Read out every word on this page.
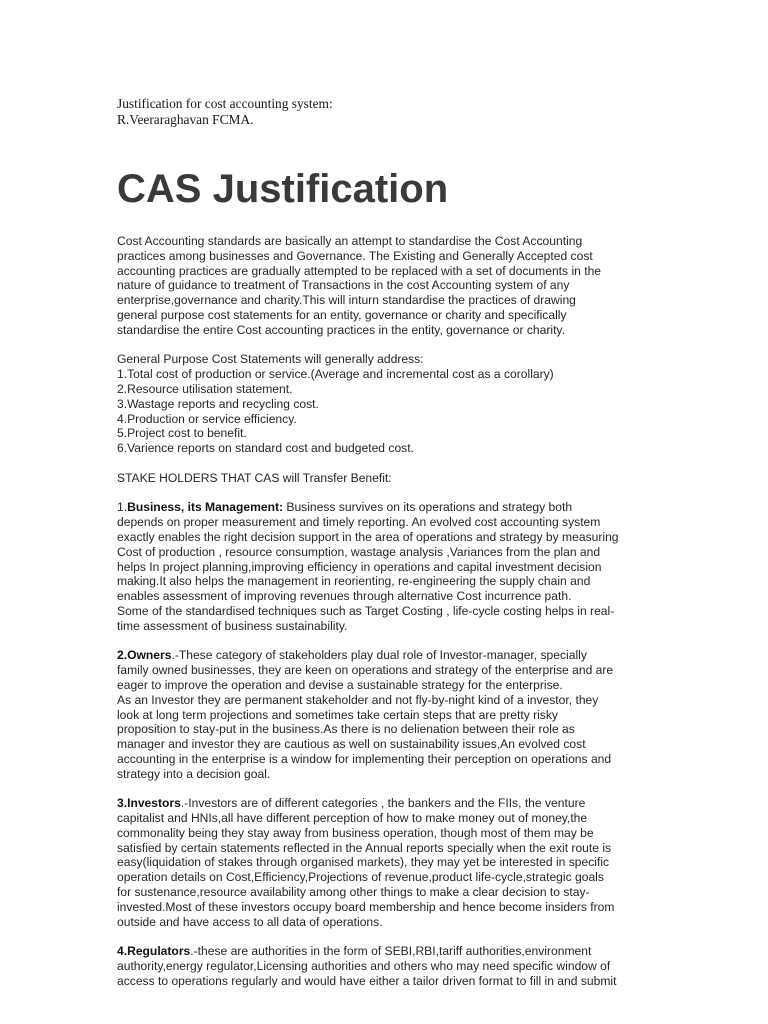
Justification for cost accounting system:

R.Veeraraghavan FCMA.

CAS Justification
Cost Accounting standards are basically an attempt to standardise the Cost Accounting
practices among businesses and Governance. The Existing and Generally Accepted cost
accounting practices are gradually attempted to be replaced with a set of documents in the
nature of guidance to treatment of Transactions in the cost Accounting system of any
enterprise,governance and charity.This will inturn standardise the practices of drawing
general purpose cost statements for an entity, governance or charity and specifically
standardise the entire Cost accounting practices in the entity, governance or charity.
General Purpose Cost Statements will generally address:
1.Total cost of production or service.(Average and incremental cost as a corollary)
2.Resource utilisation statement.
3.Wastage reports and recycling cost.
4.Production or service efficiency.
5.Project cost to benefit.
6.Varience reports on standard cost and budgeted cost.
STAKE HOLDERS THAT CAS will Transfer Benefit:
1.Business, its Management: Business survives on its operations and strategy both
depends on proper measurement and timely reporting. An evolved cost accounting system
exactly enables the right decision support in the area of operations and strategy by measuring
Cost of production , resource consumption, wastage analysis ,Variances from the plan and
helps In project planning,improving efficiency in operations and capital investment decision
making.It also helps the management in reorienting, re-engineering the supply chain and
enables assessment of improving revenues through alternative Cost incurrence path.
Some of the standardised techniques such as Target Costing , life-cycle costing helps in real-
time assessment of business sustainability.
2.Owners.-These category of stakeholders play dual role of Investor-manager, specially
family owned businesses, they are keen on operations and strategy of the enterprise and are
eager to improve the operation and devise a sustainable strategy for the enterprise.
As an Investor they are permanent stakeholder and not fly-by-night kind of a investor, they
look at long term projections and sometimes take certain steps that are pretty risky
proposition to stay-put in the business.As there is no delienation between their role as
manager and investor they are cautious as well on sustainability issues,An evolved cost
accounting in the enterprise is a window for implementing their perception on operations and
strategy into a decision goal.
3.Investors.-Investors are of different categories , the bankers and the FIIs, the venture
capitalist and HNIs,all have different perception of how to make money out of money,the
commonality being they stay away from business operation, though most of them may be
satisfied by certain statements reflected in the Annual reports specially when the exit route is
easy(liquidation of stakes through organised markets), they may yet be interested in specific
operation details on Cost,Efficiency,Projections of revenue,product life-cycle,strategic goals
for sustenance,resource availability among other things to make a clear decision to stay-
invested.Most of these investors occupy board membership and hence become insiders from
outside and have access to all data of operations.
4.Regulators.-these are authorities in the form of SEBI,RBI,tariff authorities,environment
authority,energy regulator,Licensing authorities and others who may need specific window of
access to operations regularly and would have either a tailor driven format to fill in and submit
